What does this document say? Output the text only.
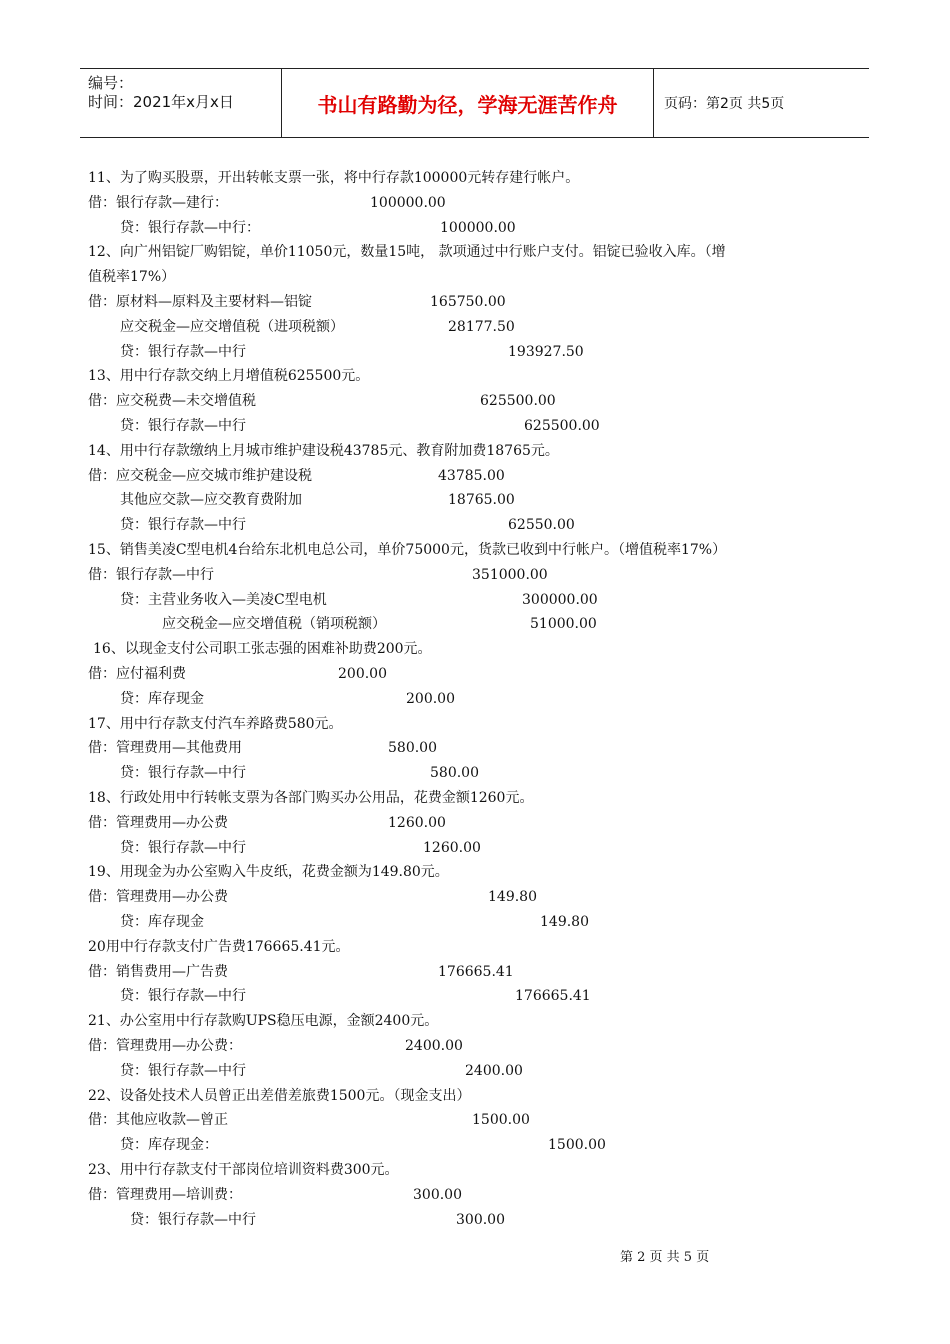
编号：
时间：2021年x月x日	书山有路勤为径，学海无涯苦作舟	页码：第2页 共5页
11、为了购买股票，开出转帐支票一张，将中行存款100000元转存建行帐户。
借：银行存款—建行：	100000.00
贷：银行存款—中行：	100000.00
12、向广州铝锭厂购铝锭，单价11050元，数量15吨， 款项通过中行账户支付。铝锭已验收入库。（增
值税率17%）
借：原材料—原料及主要材料—铝锭	165750.00
应交税金—应交增值税（进项税额）	28177.50
贷：银行存款—中行	193927.50
13、用中行存款交纳上月增值税625500元。
借：应交税费—未交增值税	625500.00
贷：银行存款—中行	625500.00
14、用中行存款缴纳上月城市维护建设税43785元、教育附加费18765元。
借：应交税金—应交城市维护建设税	43785.00
其他应交款—应交教育费附加	18765.00
贷：银行存款—中行	62550.00
15、销售美凌C型电机4台给东北机电总公司，单价75000元，货款已收到中行帐户。（增值税率17%）
借：银行存款—中行	351000.00
贷：主营业务收入—美凌C型电机	300000.00
应交税金—应交增值税（销项税额）	51000.00
16、以现金支付公司职工张志强的困难补助费200元。
借：应付福利费	200.00
贷：库存现金	200.00
17、用中行存款支付汽车养路费580元。
借：管理费用—其他费用	580.00
贷：银行存款—中行	580.00
18、行政处用中行转帐支票为各部门购买办公用品，花费金额1260元。
借：管理费用—办公费	1260.00
贷：银行存款—中行	1260.00
19、用现金为办公室购入牛皮纸，花费金额为149.80元。
借：管理费用—办公费	149.80
贷：库存现金	149.80
20用中行存款支付广告费176665.41元。
借：销售费用—广告费	176665.41
贷：银行存款—中行	176665.41
21、办公室用中行存款购UPS稳压电源，金额2400元。
借：管理费用—办公费：	2400.00
贷：银行存款—中行	2400.00
22、设备处技术人员曾正出差借差旅费1500元。（现金支出）
借：其他应收款—曾正	1500.00
贷：库存现金：	1500.00
23、用中行存款支付干部岗位培训资料费300元。
借：管理费用—培训费：	300.00
贷：银行存款—中行	300.00
第 2 页 共 5 页
